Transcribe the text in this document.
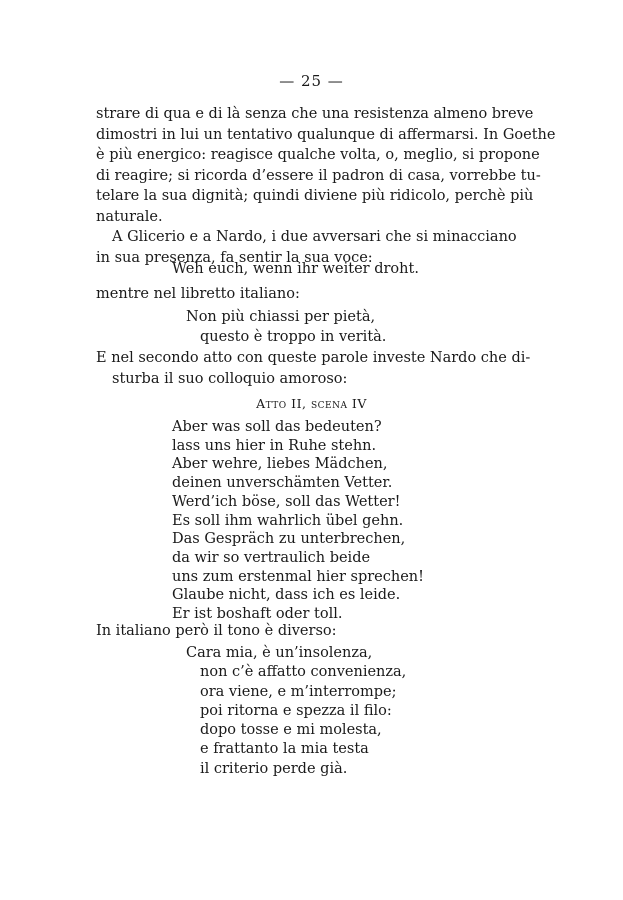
— 25 —
strare di qua e di là senza che una resistenza almeno breve
dimostri in lui un tentativo qualunque di affermarsi. In Goethe
è più energico: reagisce qualche volta, o, meglio, si propone
di reagire; si ricorda d’essere il padron di casa, vorrebbe tu-
telare la sua dignità; quindi diviene più ridicolo, perchè più
naturale.
A Glicerio e a Nardo, i due avversari che si minacciano
in sua presenza, fa sentir la sua voce:
Weh euch, wenn ihr weiter droht.
mentre nel libretto italiano:
Non più chiassi per pietà,
questo è troppo in verità.
E nel secondo atto con queste parole investe Nardo che di-
sturba il suo colloquio amoroso:
Atto II, scena IV
Aber was soll das bedeuten?
lass uns hier in Ruhe stehn.
Aber wehre, liebes Mädchen,
deinen unverschämten Vetter.
Werd’ich böse, soll das Wetter!
Es soll ihm wahrlich übel gehn.
Das Gespräch zu unterbrechen,
da wir so vertraulich beide
uns zum erstenmal hier sprechen!
Glaube nicht, dass ich es leide.
Er ist boshaft oder toll.
In italiano però il tono è diverso:
Cara mia, è un’insolenza,
non c’è affatto convenienza,
ora viene, e m’interrompe;
poi ritorna e spezza il filo:
dopo tosse e mi molesta,
e frattanto la mia testa
il criterio perde già.
